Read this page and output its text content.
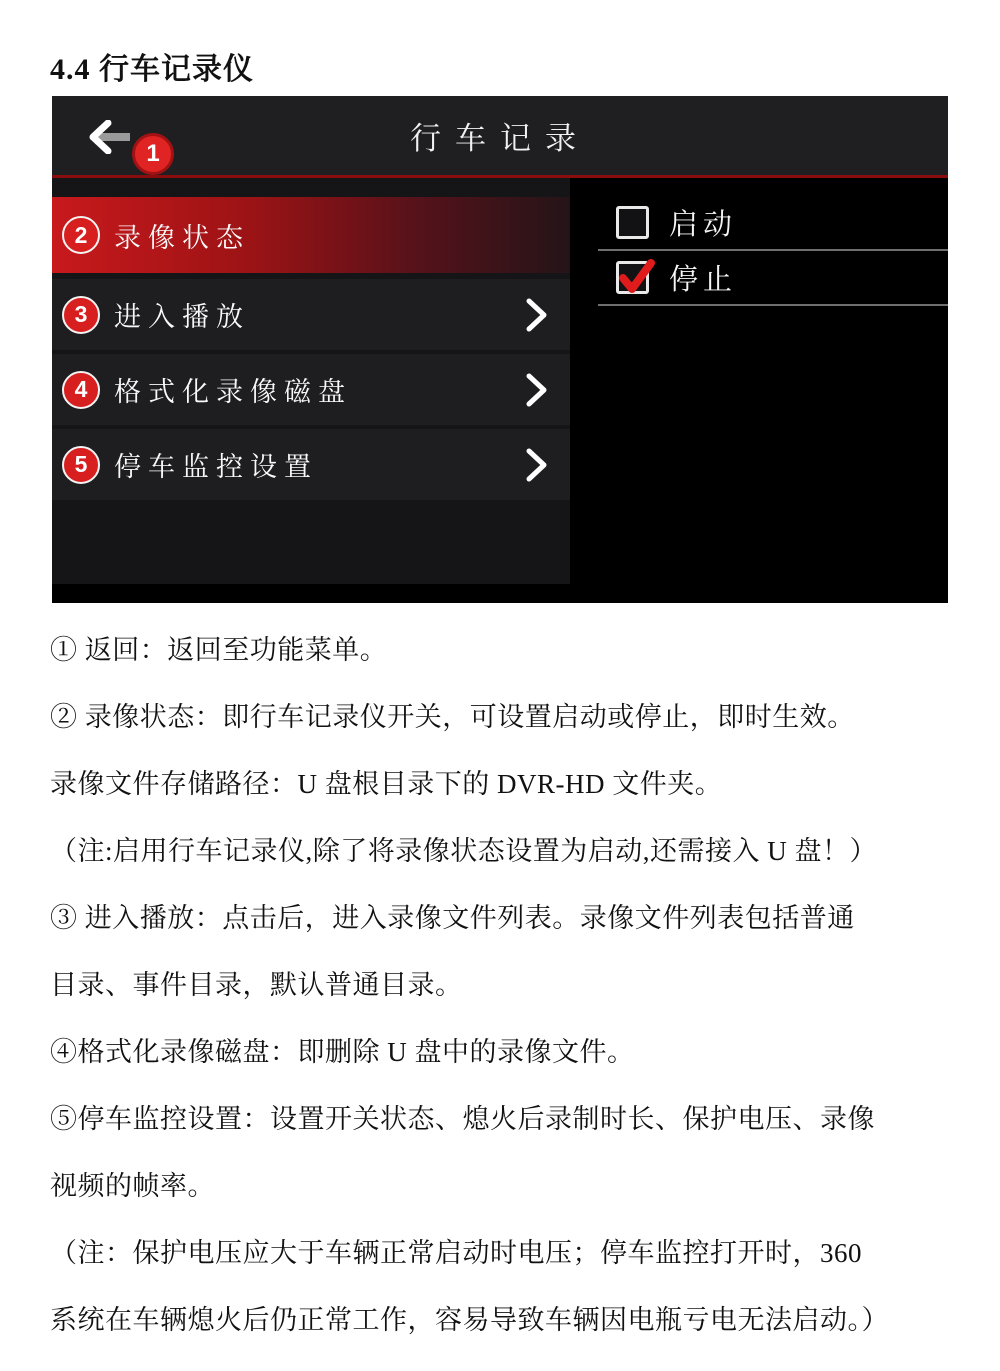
4.4 行车记录仪
1	行车记录
2 录像状态
3 进入播放
4 格式化录像磁盘
5 停车监控设置
启动
停止

① 返回：返回至功能菜单。

② 录像状态：即行车记录仪开关，可设置启动或停止，即时生效。

录像文件存储路径：U 盘根目录下的 DVR-HD 文件夹。

（注:启用行车记录仪,除了将录像状态设置为启动,还需接入 U 盘！）

③ 进入播放：点击后，进入录像文件列表。录像文件列表包括普通

目录、事件目录，默认普通目录。

④格式化录像磁盘：即删除 U 盘中的录像文件。

⑤停车监控设置：设置开关状态、熄火后录制时长、保护电压、录像

视频的帧率。

（注：保护电压应大于车辆正常启动时电压；停车监控打开时，360

系统在车辆熄火后仍正常工作，容易导致车辆因电瓶亏电无法启动。）
